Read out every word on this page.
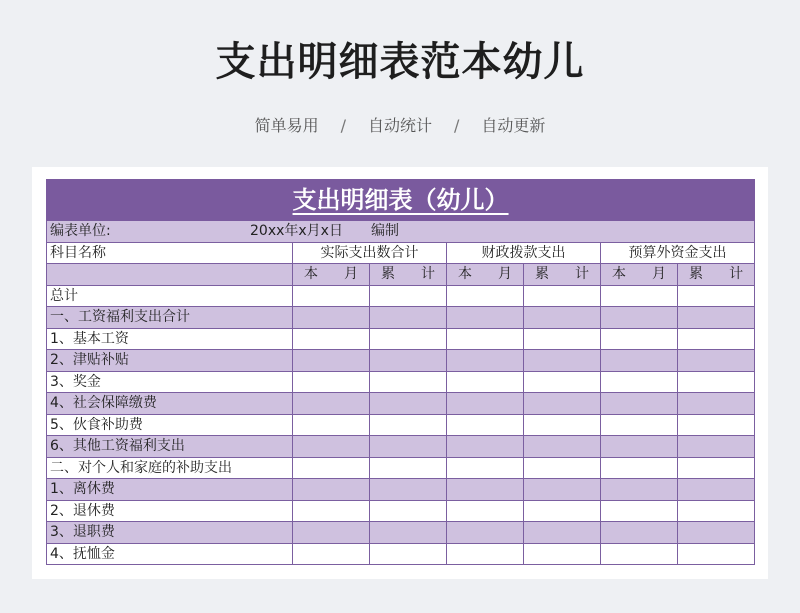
支出明细表范本幼儿
简单易用 / 自动统计 / 自动更新
支出明细表（幼儿）						
编表单位: 20xx年x月x日 编制						
科目名称	实际支出数合计		财政拨款支出		预算外资金支出	

	本 月	累 计	本 月	累 计	本 月	累 计

总计						
一、工资福利支出合计						
1、基本工资						
2、津贴补贴						
3、奖金						
4、社会保障缴费						
5、伙食补助费						
6、其他工资福利支出						
二、对个人和家庭的补助支出						
1、离休费						
2、退休费						
3、退职费						
4、抚恤金						
